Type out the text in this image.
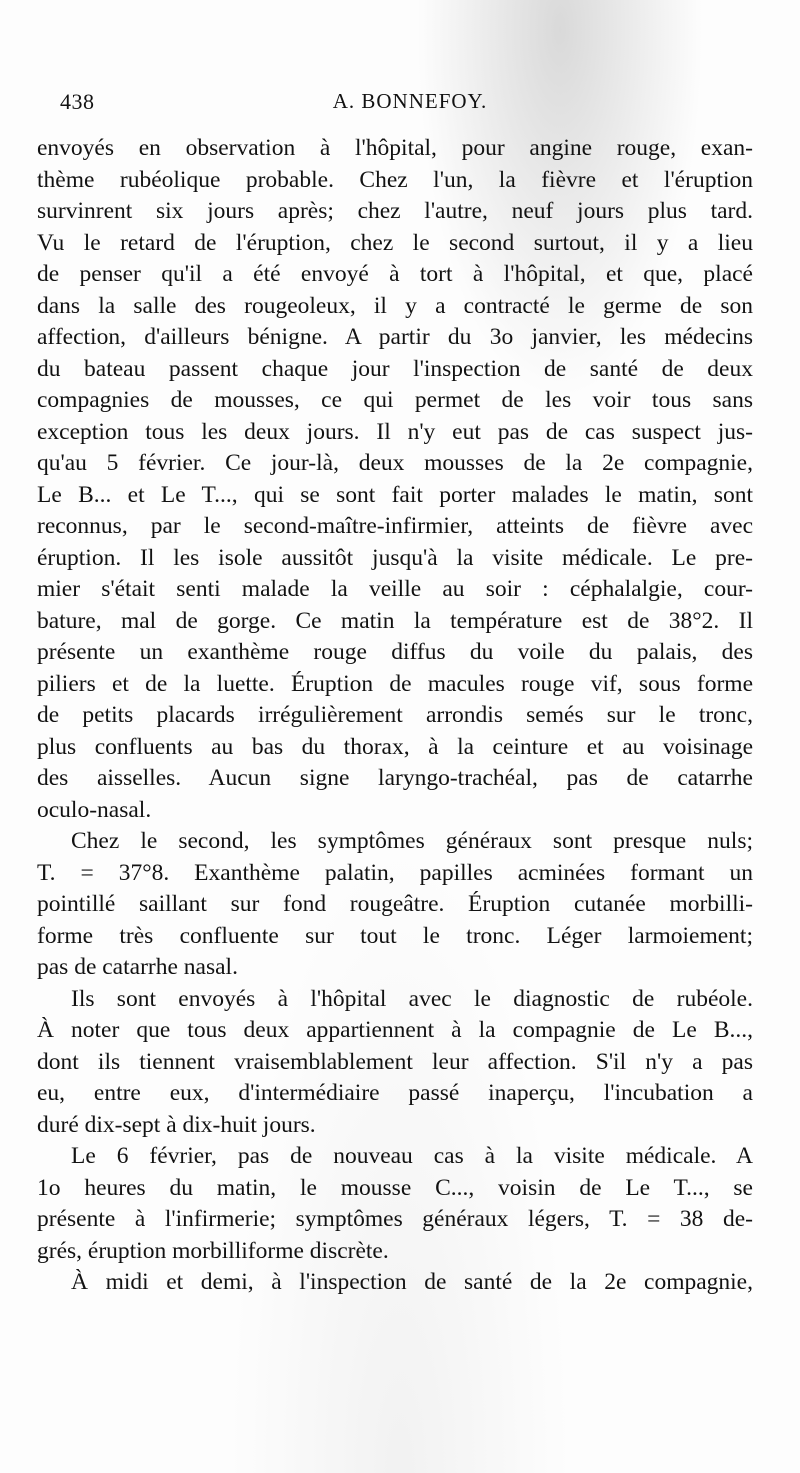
438	A. BONNEFOY.
envoyés en observation à l'hôpital, pour angine rouge, exan-
thème rubéolique probable. Chez l'un, la fièvre et l'éruption
survinrent six jours après; chez l'autre, neuf jours plus tard.
Vu le retard de l'éruption, chez le second surtout, il y a lieu
de penser qu'il a été envoyé à tort à l'hôpital, et que, placé
dans la salle des rougeoleux, il y a contracté le germe de son
affection, d'ailleurs bénigne. A partir du 3o janvier, les médecins
du bateau passent chaque jour l'inspection de santé de deux
compagnies de mousses, ce qui permet de les voir tous sans
exception tous les deux jours. Il n'y eut pas de cas suspect jus-
qu'au 5 février. Ce jour-là, deux mousses de la 2e compagnie,
Le B... et Le T..., qui se sont fait porter malades le matin, sont
reconnus, par le second-maître-infirmier, atteints de fièvre avec
éruption. Il les isole aussitôt jusqu'à la visite médicale. Le pre-
mier s'était senti malade la veille au soir : céphalalgie, cour-
bature, mal de gorge. Ce matin la température est de 38°2. Il
présente un exanthème rouge diffus du voile du palais, des
piliers et de la luette. Éruption de macules rouge vif, sous forme
de petits placards irrégulièrement arrondis semés sur le tronc,
plus confluents au bas du thorax, à la ceinture et au voisinage
des aisselles. Aucun signe laryngo-trachéal, pas de catarrhe
oculo-nasal.
Chez le second, les symptômes généraux sont presque nuls;
T. = 37°8. Exanthème palatin, papilles acminées formant un
pointillé saillant sur fond rougeâtre. Éruption cutanée morbilli-
forme très confluente sur tout le tronc. Léger larmoiement;
pas de catarrhe nasal.
Ils sont envoyés à l'hôpital avec le diagnostic de rubéole.
À noter que tous deux appartiennent à la compagnie de Le B...,
dont ils tiennent vraisemblablement leur affection. S'il n'y a pas
eu, entre eux, d'intermédiaire passé inaperçu, l'incubation a
duré dix-sept à dix-huit jours.
Le 6 février, pas de nouveau cas à la visite médicale. A
1o heures du matin, le mousse C..., voisin de Le T..., se
présente à l'infirmerie; symptômes généraux légers, T. = 38 de-
grés, éruption morbilliforme discrète.
À midi et demi, à l'inspection de santé de la 2e compagnie,
